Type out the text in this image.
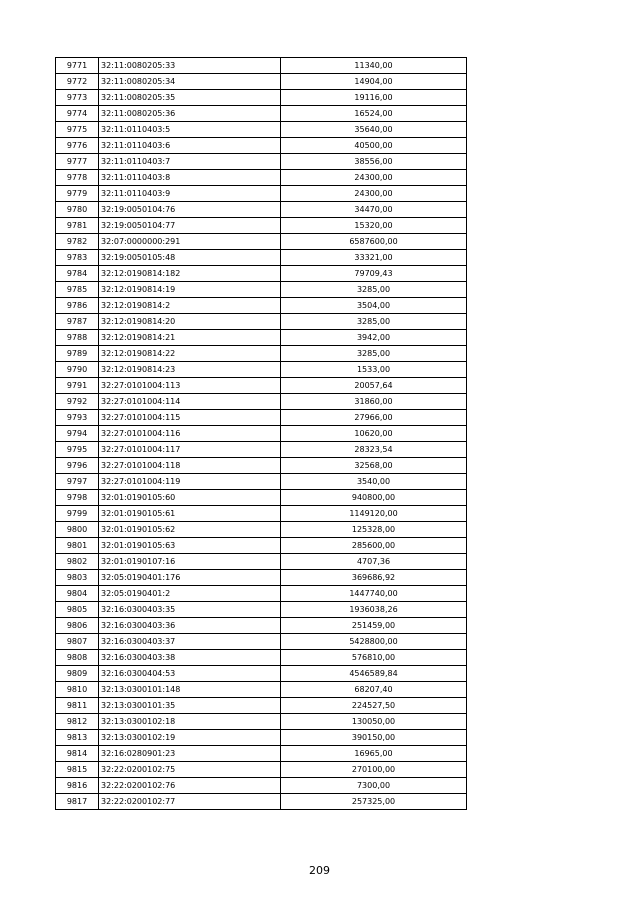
9771	32:11:0080205:33	11340,00
9772	32:11:0080205:34	14904,00
9773	32:11:0080205:35	19116,00
9774	32:11:0080205:36	16524,00
9775	32:11:0110403:5	35640,00
9776	32:11:0110403:6	40500,00
9777	32:11:0110403:7	38556,00
9778	32:11:0110403:8	24300,00
9779	32:11:0110403:9	24300,00
9780	32:19:0050104:76	34470,00
9781	32:19:0050104:77	15320,00
9782	32:07:0000000:291	6587600,00
9783	32:19:0050105:48	33321,00
9784	32:12:0190814:182	79709,43
9785	32:12:0190814:19	3285,00
9786	32:12:0190814:2	3504,00
9787	32:12:0190814:20	3285,00
9788	32:12:0190814:21	3942,00
9789	32:12:0190814:22	3285,00
9790	32:12:0190814:23	1533,00
9791	32:27:0101004:113	20057,64
9792	32:27:0101004:114	31860,00
9793	32:27:0101004:115	27966,00
9794	32:27:0101004:116	10620,00
9795	32:27:0101004:117	28323,54
9796	32:27:0101004:118	32568,00
9797	32:27:0101004:119	3540,00
9798	32:01:0190105:60	940800,00
9799	32:01:0190105:61	1149120,00
9800	32:01:0190105:62	125328,00
9801	32:01:0190105:63	285600,00
9802	32:01:0190107:16	4707,36
9803	32:05:0190401:176	369686,92
9804	32:05:0190401:2	1447740,00
9805	32:16:0300403:35	1936038,26
9806	32:16:0300403:36	251459,00
9807	32:16:0300403:37	5428800,00
9808	32:16:0300403:38	576810,00
9809	32:16:0300404:53	4546589,84
9810	32:13:0300101:148	68207,40
9811	32:13:0300101:35	224527,50
9812	32:13:0300102:18	130050,00
9813	32:13:0300102:19	390150,00
9814	32:16:0280901:23	16965,00
9815	32:22:0200102:75	270100,00
9816	32:22:0200102:76	7300,00
9817	32:22:0200102:77	257325,00
209
